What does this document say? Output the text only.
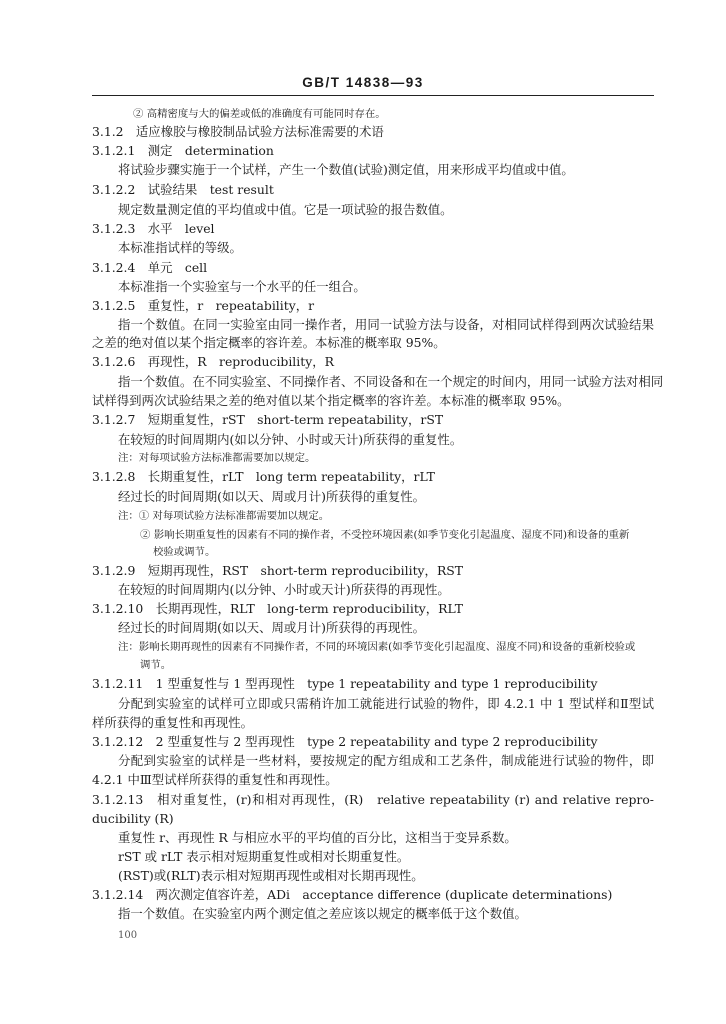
GB/T 14838—93
② 高精密度与大的偏差或低的准确度有可能同时存在。
3.1.2　适应橡胶与橡胶制品试验方法标准需要的术语
3.1.2.1　测定　determination
将试验步骤实施于一个试样，产生一个数值(试验)测定值，用来形成平均值或中值。
3.1.2.2　试验结果　test result
规定数量测定值的平均值或中值。它是一项试验的报告数值。
3.1.2.3　水平　level
本标准指试样的等级。
3.1.2.4　单元　cell
本标准指一个实验室与一个水平的任一组合。
3.1.2.5　重复性，r　repeatability，r
指一个数值。在同一实验室由同一操作者，用同一试验方法与设备，对相同试样得到两次试验结果
之差的绝对值以某个指定概率的容许差。本标准的概率取 95%。
3.1.2.6　再现性，R　reproducibility，R
指一个数值。在不同实验室、不同操作者、不同设备和在一个规定的时间内，用同一试验方法对相同
试样得到两次试验结果之差的绝对值以某个指定概率的容许差。本标准的概率取 95%。
3.1.2.7　短期重复性，rST　short-term repeatability，rST
在较短的时间周期内(如以分钟、小时或天计)所获得的重复性。
注：对每项试验方法标准都需要加以规定。
3.1.2.8　长期重复性，rLT　long term repeatability，rLT
经过长的时间周期(如以天、周或月计)所获得的重复性。
注：① 对每项试验方法标准都需要加以规定。
② 影响长期重复性的因素有不同的操作者，不受控环境因素(如季节变化引起温度、湿度不同)和设备的重新
校验或调节。
3.1.2.9　短期再现性，RST　short-term reproducibility，RST
在较短的时间周期内(以分钟、小时或天计)所获得的再现性。
3.1.2.10　长期再现性，RLT　long-term reproducibility，RLT
经过长的时间周期(如以天、周或月计)所获得的再现性。
注：影响长期再现性的因素有不同操作者，不同的环境因素(如季节变化引起温度、湿度不同)和设备的重新校验或
调节。
3.1.2.11　1 型重复性与 1 型再现性　type 1 repeatability and type 1 reproducibility
分配到实验室的试样可立即或只需稍许加工就能进行试验的物件，即 4.2.1 中 1 型试样和Ⅱ型试
样所获得的重复性和再现性。
3.1.2.12　2 型重复性与 2 型再现性　type 2 repeatability and type 2 reproducibility
分配到实验室的试样是一些材料，要按规定的配方组成和工艺条件，制成能进行试验的物件，即
4.2.1 中Ⅲ型试样所获得的重复性和再现性。
3.1.2.13　相对重复性，(r)和相对再现性，(R)　relative repeatability (r) and relative repro-
ducibility (R)
重复性 r、再现性 R 与相应水平的平均值的百分比，这相当于变异系数。
rST 或 rLT 表示相对短期重复性或相对长期重复性。
(RST)或(RLT)表示相对短期再现性或相对长期再现性。
3.1.2.14　两次测定值容许差，ADi　acceptance difference (duplicate determinations)
指一个数值。在实验室内两个测定值之差应该以规定的概率低于这个数值。
100
